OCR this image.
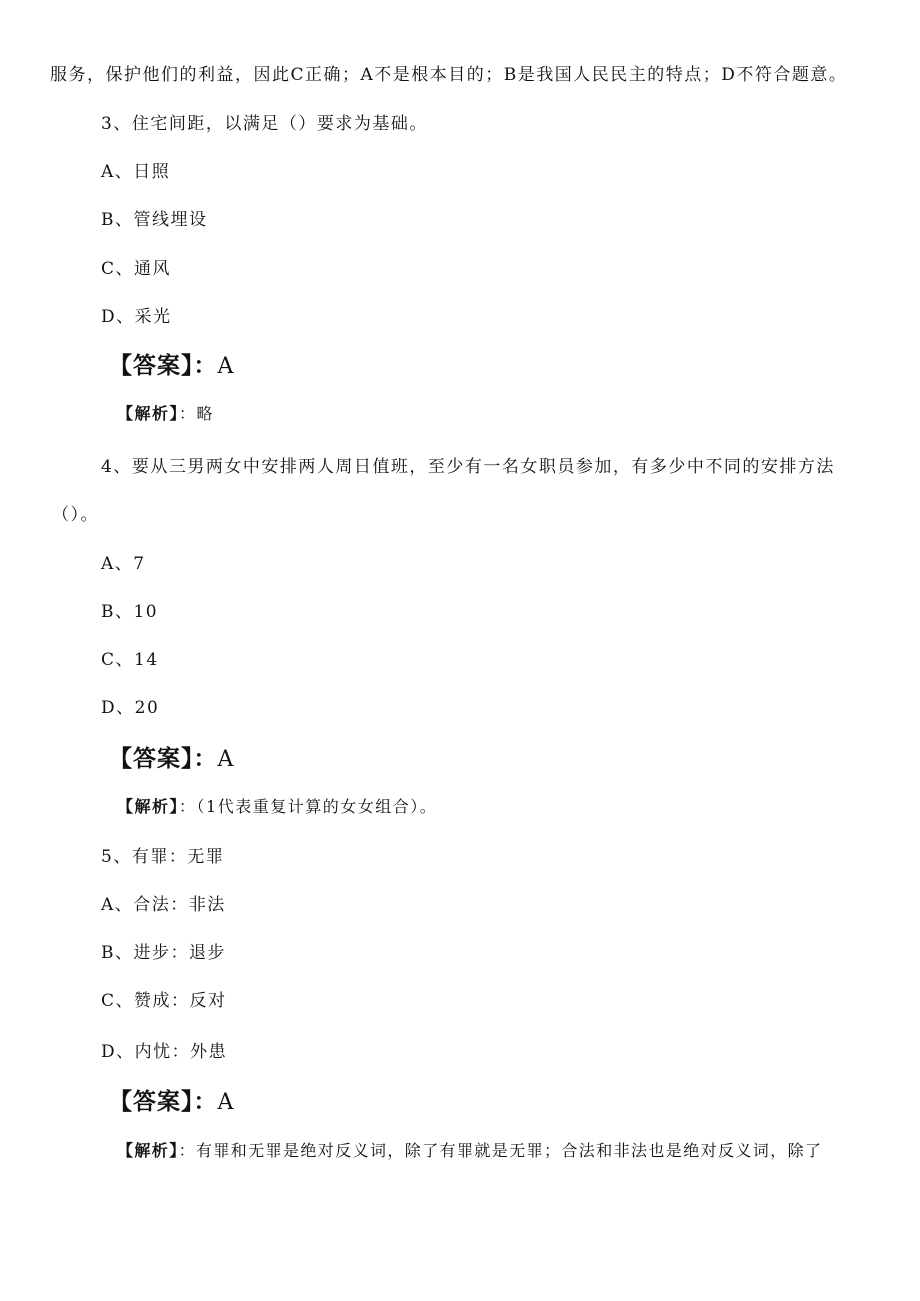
服务，保护他们的利益，因此C正确；A不是根本目的；B是我国人民民主的特点；D不符合题意。
3、住宅间距，以满足（）要求为基础。
A、日照
B、管线埋设
C、通风
D、采光
【答案】：A
【解析】：略
4、要从三男两女中安排两人周日值班，至少有一名女职员参加，有多少中不同的安排方法
（）。
A、7
B、10
C、14
D、20
【答案】：A
【解析】：（1代表重复计算的女女组合）。
5、有罪：无罪
A、合法：非法
B、进步：退步
C、赞成：反对
D、内忧：外患
【答案】：A
【解析】：有罪和无罪是绝对反义词，除了有罪就是无罪；合法和非法也是绝对反义词，除了
